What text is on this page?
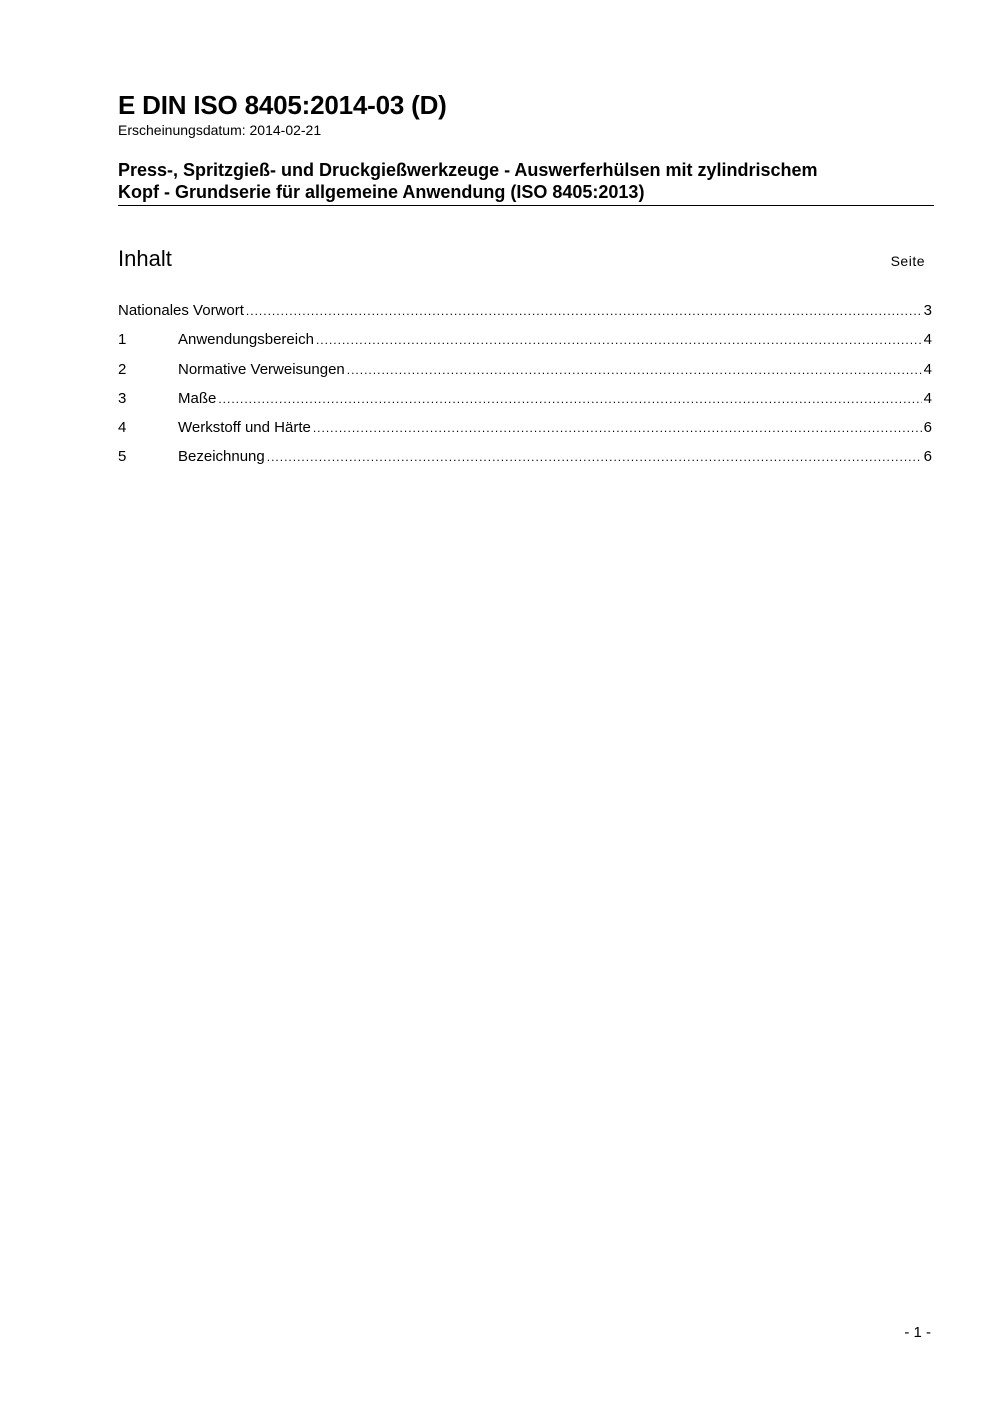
E DIN ISO 8405:2014-03 (D)
Erscheinungsdatum: 2014-02-21
Press-, Spritzgieß- und Druckgießwerkzeuge - Auswerferhülsen mit zylindrischem
Kopf - Grundserie für allgemeine Anwendung (ISO 8405:2013)
Inhalt	Seite
Nationales Vorwort .....	3
1	Anwendungsbereich .....	4
2	Normative Verweisungen .....	4
3	Maße .....	4
4	Werkstoff und Härte .....	6
5	Bezeichnung .....	6
- 1 -
